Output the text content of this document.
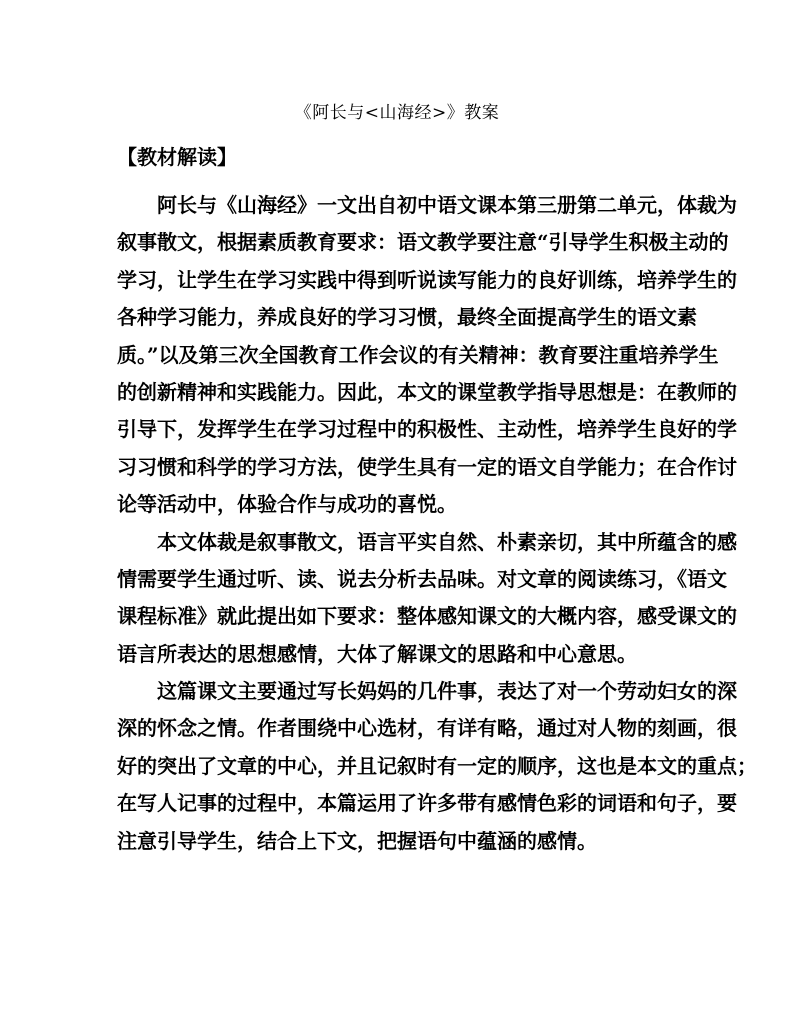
《阿长与<山海经>》教案
【教材解读】
阿长与《山海经》一文出自初中语文课本第三册第二单元，体裁为
叙事散文，根据素质教育要求：语文教学要注意“引导学生积极主动的
学习，让学生在学习实践中得到听说读写能力的良好训练，培养学生的
各种学习能力，养成良好的学习习惯，最终全面提高学生的语文素
质。”以及第三次全国教育工作会议的有关精神：教育要注重培养学生
的创新精神和实践能力。因此，本文的课堂教学指导思想是：在教师的
引导下，发挥学生在学习过程中的积极性、主动性，培养学生良好的学
习习惯和科学的学习方法，使学生具有一定的语文自学能力；在合作讨
论等活动中，体验合作与成功的喜悦。
本文体裁是叙事散文，语言平实自然、朴素亲切，其中所蕴含的感
情需要学生通过听、读、说去分析去品味。对文章的阅读练习，《语文
课程标准》就此提出如下要求：整体感知课文的大概内容，感受课文的
语言所表达的思想感情，大体了解课文的思路和中心意思。
这篇课文主要通过写长妈妈的几件事，表达了对一个劳动妇女的深
深的怀念之情。作者围绕中心选材，有详有略，通过对人物的刻画，很
好的突出了文章的中心，并且记叙时有一定的顺序，这也是本文的重点；
在写人记事的过程中，本篇运用了许多带有感情色彩的词语和句子，要
注意引导学生，结合上下文，把握语句中蕴涵的感情。
